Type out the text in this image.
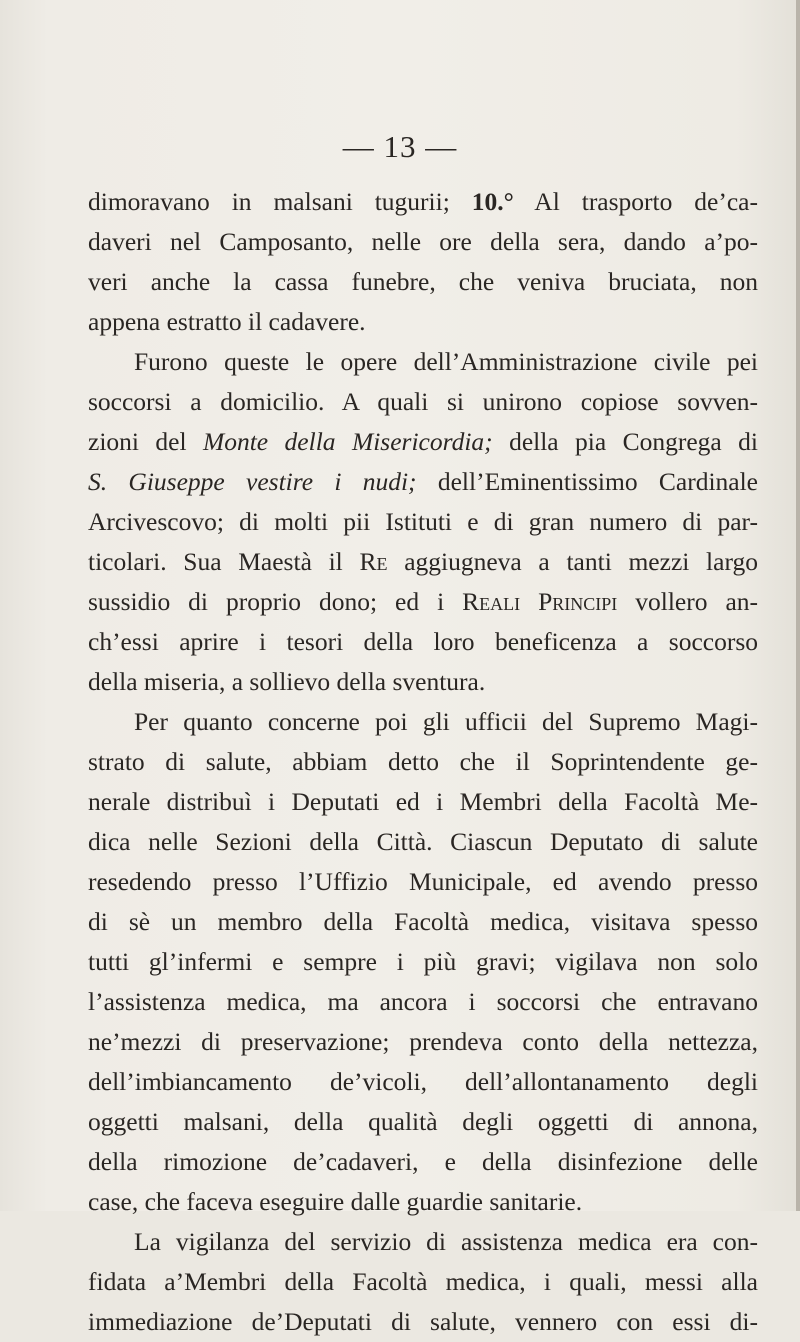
— 13 —
dimoravano in malsani tugurii; 10.° Al trasporto de’ca-
daveri nel Camposanto, nelle ore della sera, dando a’po-
veri anche la cassa funebre, che veniva bruciata, non
appena estratto il cadavere.
Furono queste le opere dell’Amministrazione civile pei
soccorsi a domicilio. A quali si unirono copiose sovven-
zioni del Monte della Misericordia; della pia Congrega di
S. Giuseppe vestire i nudi; dell’Eminentissimo Cardinale
Arcivescovo; di molti pii Istituti e di gran numero di par-
ticolari. Sua Maestà il Re aggiugneva a tanti mezzi largo
sussidio di proprio dono; ed i Reali Principi vollero an-
ch’essi aprire i tesori della loro beneficenza a soccorso
della miseria, a sollievo della sventura.
Per quanto concerne poi gli ufficii del Supremo Magi-
strato di salute, abbiam detto che il Soprintendente ge-
nerale distribuì i Deputati ed i Membri della Facoltà Me-
dica nelle Sezioni della Città. Ciascun Deputato di salute
resedendo presso l’Uffizio Municipale, ed avendo presso
di sè un membro della Facoltà medica, visitava spesso
tutti gl’infermi e sempre i più gravi; vigilava non solo
l’assistenza medica, ma ancora i soccorsi che entravano
ne’mezzi di preservazione; prendeva conto della nettezza,
dell’imbiancamento de’vicoli, dell’allontanamento degli
oggetti malsani, della qualità degli oggetti di annona,
della rimozione de’cadaveri, e della disinfezione delle
case, che faceva eseguire dalle guardie sanitarie.
La vigilanza del servizio di assistenza medica era con-
fidata a’Membri della Facoltà medica, i quali, messi alla
immediazione de’Deputati di salute, vennero con essi di-
